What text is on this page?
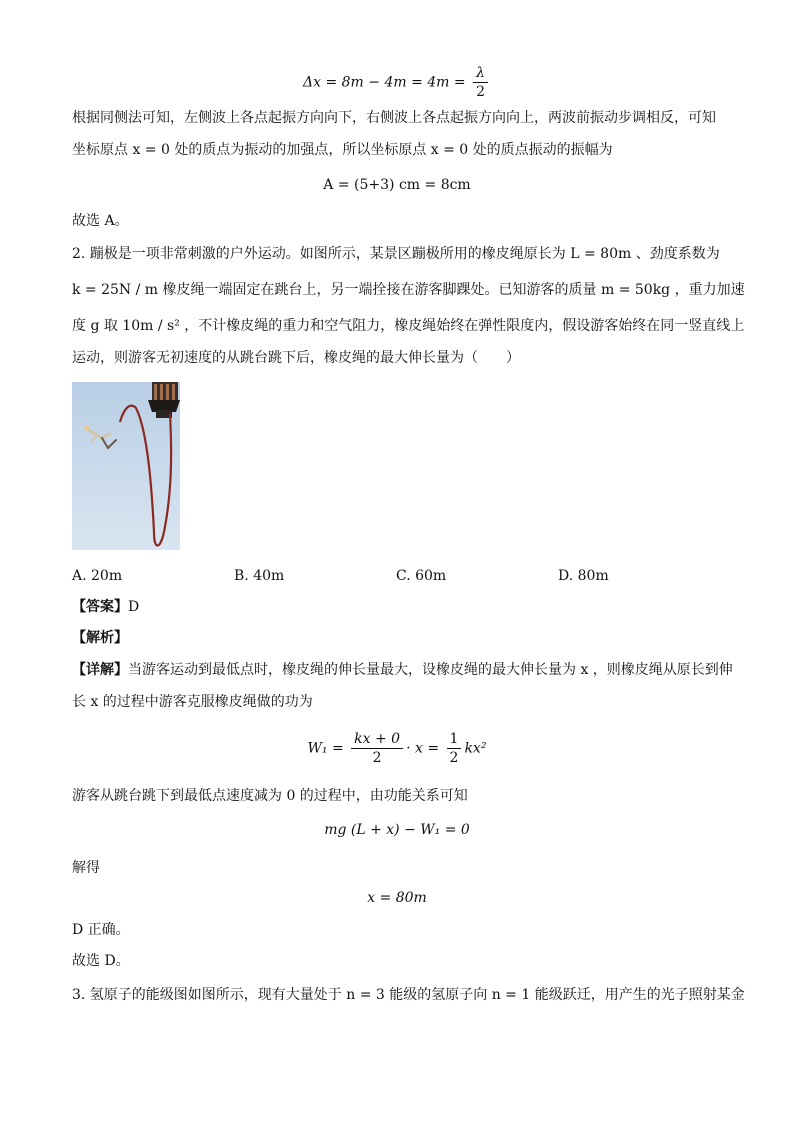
$\Delta x = 8m - 4m = 4m = \frac{\lambda}{2}$
根据同侧法可知，左侧波上各点起振方向向下，右侧波上各点起振方向向上，两波前振动步调相反，可知
坐标原点 x = 0 处的质点为振动的加强点，所以坐标原点 x = 0 处的质点振动的振幅为
A = (5+3) cm = 8cm
故选 A。
2. 蹦极是一项非常刺激的户外运动。如图所示，某景区蹦极所用的橡皮绳原长为 L = 80m 、劲度系数为
k = 25N / m 橡皮绳一端固定在跳台上，另一端拴接在游客脚踝处。已知游客的质量 m = 50kg ，重力加速
度 g 取 10m / s² ，不计橡皮绳的重力和空气阻力，橡皮绳始终在弹性限度内，假设游客始终在同一竖直线上
运动，则游客无初速度的从跳台跳下后，橡皮绳的最大伸长量为（　　）
A. 20m	B. 40m	C. 60m	D. 80m
【答案】D
【解析】
【详解】当游客运动到最低点时，橡皮绳的伸长量最大，设橡皮绳的最大伸长量为 x ，则橡皮绳从原长到伸
长 x 的过程中游客克服橡皮绳做的功为
$W_1 = \frac{kx + 0}{2} \cdot x = \frac{1}{2} kx^2$
游客从跳台跳下到最低点速度减为 0 的过程中，由功能关系可知
mg (L + x) − W₁ = 0
解得
x = 80m
D 正确。
故选 D。
3. 氢原子的能级图如图所示，现有大量处于 n = 3 能级的氢原子向 n = 1 能级跃迁，用产生的光子照射某金
